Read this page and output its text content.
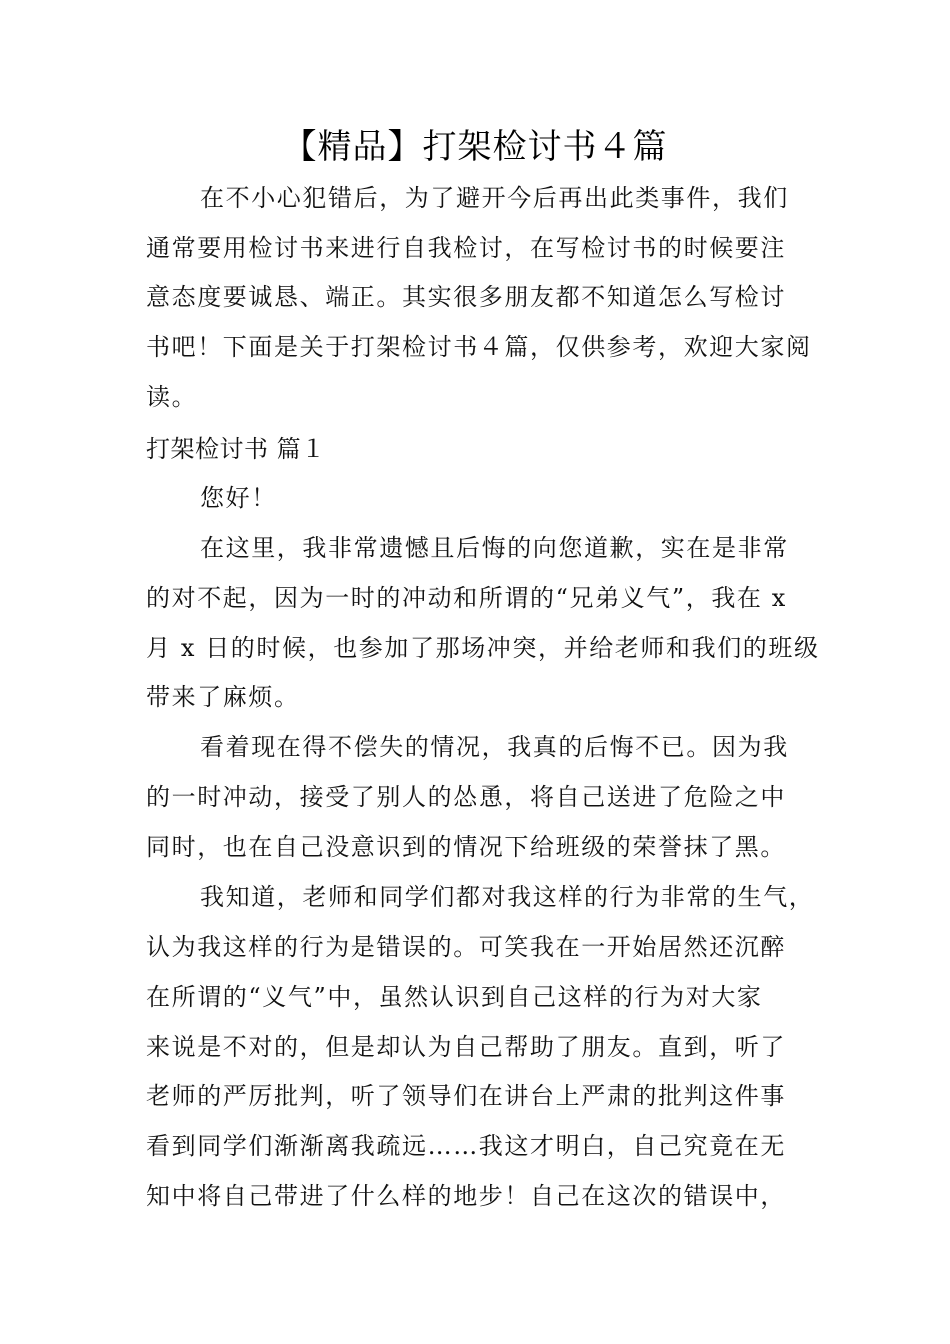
【精品】打架检讨书４篇
在不小心犯错后，为了避开今后再出此类事件，我们
通常要用检讨书来进行自我检讨，在写检讨书的时候要注
意态度要诚恳、端正。其实很多朋友都不知道怎么写检讨
书吧！下面是关于打架检讨书４篇，仅供参考，欢迎大家阅
读。
打架检讨书 篇１
您好！
在这里，我非常遗憾且后悔的向您道歉，实在是非常
的对不起，因为一时的冲动和所谓的“兄弟义气”，我在 x
月 x 日的时候，也参加了那场冲突，并给老师和我们的班级
带来了麻烦。
看着现在得不偿失的情况，我真的后悔不已。因为我
的一时冲动，接受了别人的怂恿，将自己送进了危险之中
同时，也在自己没意识到的情况下给班级的荣誉抹了黑。
我知道，老师和同学们都对我这样的行为非常的生气，
认为我这样的行为是错误的。可笑我在一开始居然还沉醉
在所谓的“义气”中，虽然认识到自己这样的行为对大家
来说是不对的，但是却认为自己帮助了朋友。直到，听了
老师的严厉批判，听了领导们在讲台上严肃的批判这件事
看到同学们渐渐离我疏远……我这才明白，自己究竟在无
知中将自己带进了什么样的地步！自己在这次的错误中，
